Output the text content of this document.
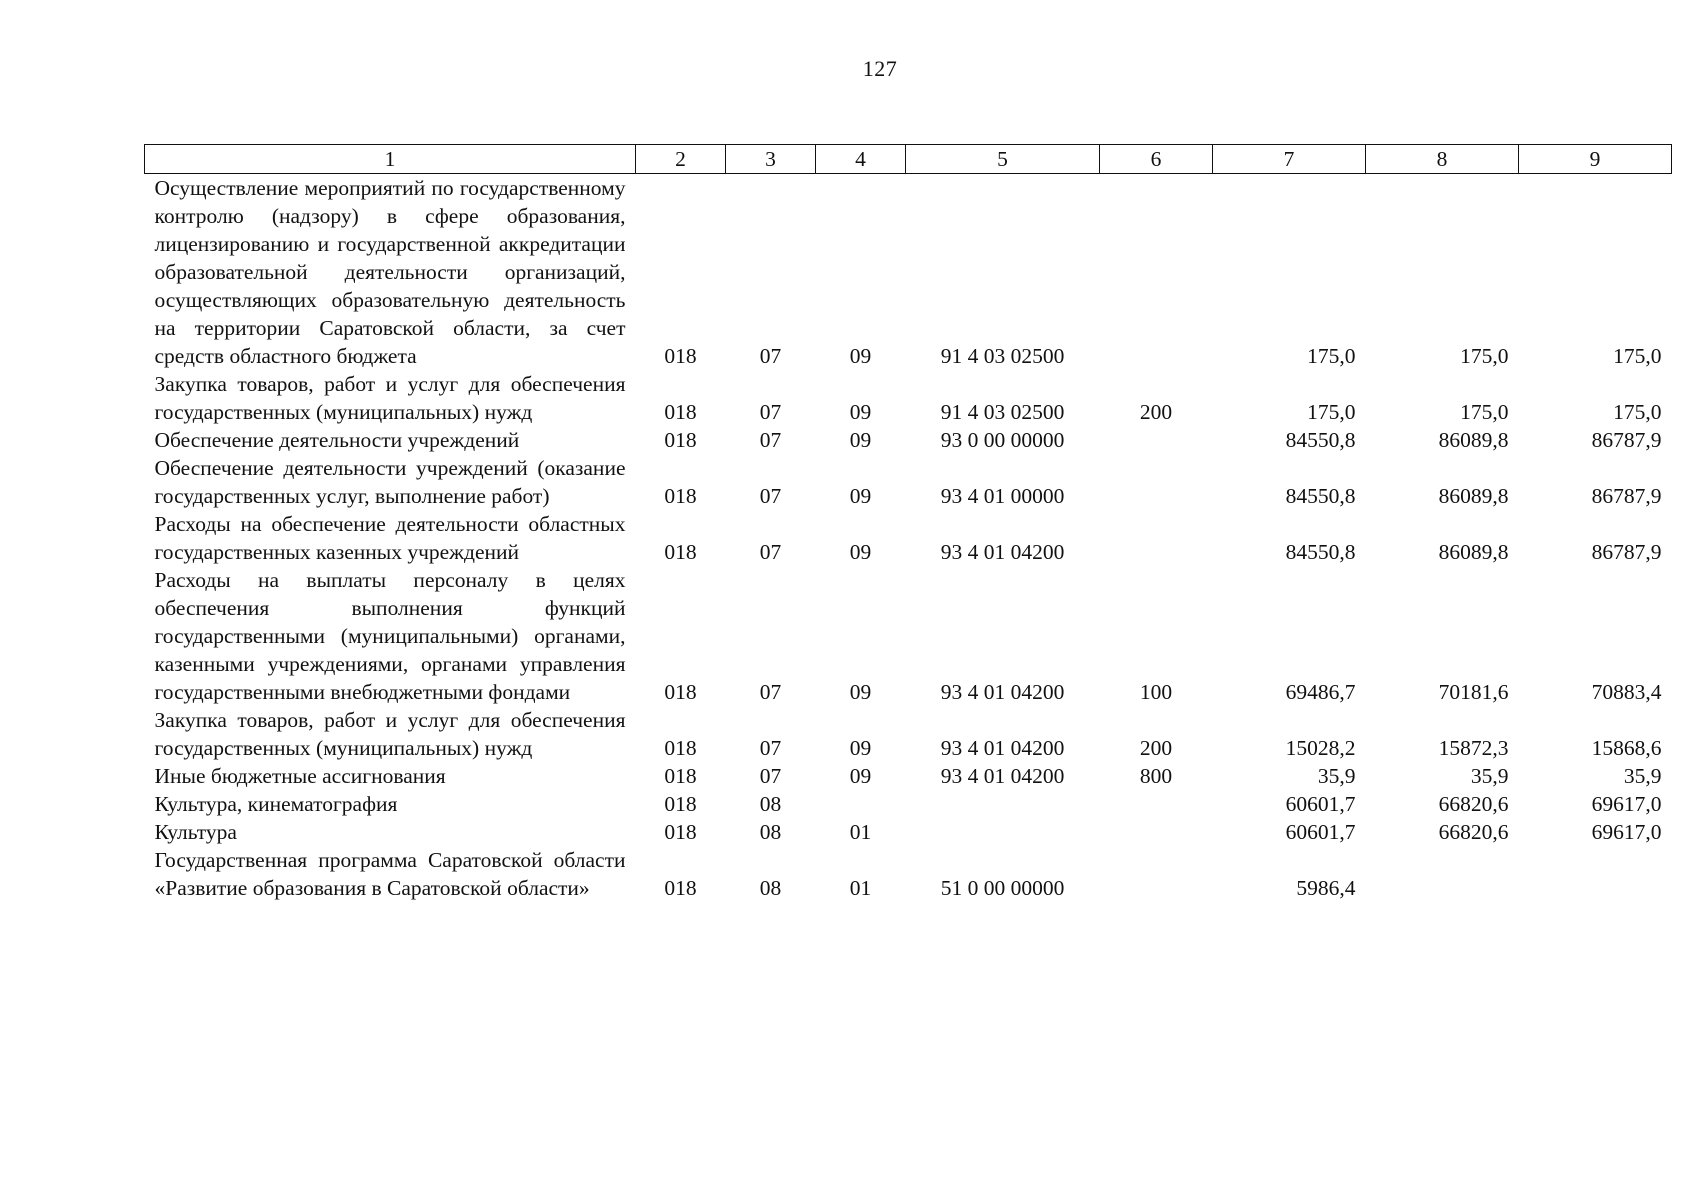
127
1	2	3	4	5	6	7	8	9
Осуществление мероприятий по государственному контролю (надзору) в сфере образования, лицензированию и государственной аккредитации образовательной деятельности организаций, осуществляющих образовательную деятельность на территории Саратовской области, за счет средств областного бюджета	018	07	09	91 4 03 02500		175,0	175,0	175,0
Закупка товаров, работ и услуг для обеспечения государственных (муниципальных) нужд	018	07	09	91 4 03 02500	200	175,0	175,0	175,0
Обеспечение деятельности учреждений	018	07	09	93 0 00 00000		84550,8	86089,8	86787,9
Обеспечение деятельности учреждений (оказание государственных услуг, выполнение работ)	018	07	09	93 4 01 00000		84550,8	86089,8	86787,9
Расходы на обеспечение деятельности областных государственных казенных учреждений	018	07	09	93 4 01 04200		84550,8	86089,8	86787,9
Расходы на выплаты персоналу в целях обеспечения выполнения функций государственными (муниципальными) органами, казенными учреждениями, органами управления государственными внебюджетными фондами	018	07	09	93 4 01 04200	100	69486,7	70181,6	70883,4
Закупка товаров, работ и услуг для обеспечения государственных (муниципальных) нужд	018	07	09	93 4 01 04200	200	15028,2	15872,3	15868,6
Иные бюджетные ассигнования	018	07	09	93 4 01 04200	800	35,9	35,9	35,9
Культура, кинематография	018	08				60601,7	66820,6	69617,0
Культура	018	08	01			60601,7	66820,6	69617,0
Государственная программа Саратовской области «Развитие образования в Саратовской области»	018	08	01	51 0 00 00000		5986,4		
